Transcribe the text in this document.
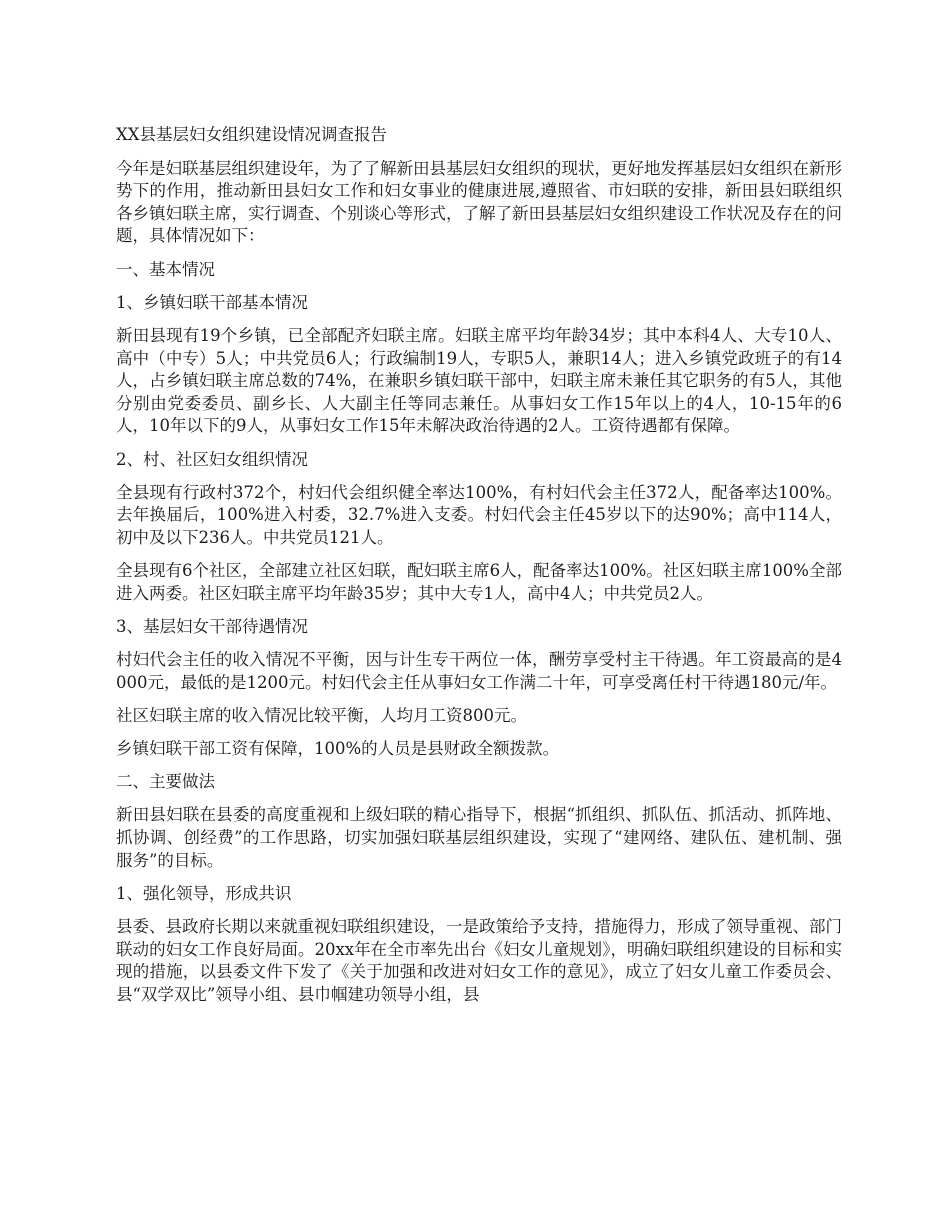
XX县基层妇女组织建设情况调查报告

今年是妇联基层组织建设年，为了了解新田县基层妇女组织的现状，更好地发挥基层妇女组织在新形势下的作用，推动新田县妇女工作和妇女事业的健康进展,遵照省、市妇联的安排，新田县妇联组织各乡镇妇联主席，实行调查、个别谈心等形式，了解了新田县基层妇女组织建设工作状况及存在的问题，具体情况如下：

一、基本情况

1、乡镇妇联干部基本情况

新田县现有19个乡镇，已全部配齐妇联主席。妇联主席平均年龄34岁；其中本科4人、大专10人、高中（中专）5人；中共党员6人；行政编制19人，专职5人，兼职14人；进入乡镇党政班子的有14人，占乡镇妇联主席总数的74%，在兼职乡镇妇联干部中，妇联主席未兼任其它职务的有5人，其他分别由党委委员、副乡长、人大副主任等同志兼任。从事妇女工作15年以上的4人，10-15年的6人，10年以下的9人，从事妇女工作15年未解决政治待遇的2人。工资待遇都有保障。

2、村、社区妇女组织情况

全县现有行政村372个，村妇代会组织健全率达100%，有村妇代会主任372人，配备率达100%。去年换届后，100%进入村委，32.7%进入支委。村妇代会主任45岁以下的达90%；高中114人，初中及以下236人。中共党员121人。

全县现有6个社区，全部建立社区妇联，配妇联主席6人，配备率达100%。社区妇联主席100%全部进入两委。社区妇联主席平均年龄35岁；其中大专1人，高中4人；中共党员2人。

3、基层妇女干部待遇情况

村妇代会主任的收入情况不平衡，因与计生专干两位一体，酬劳享受村主干待遇。年工资最高的是4000元，最低的是1200元。村妇代会主任从事妇女工作满二十年，可享受离任村干待遇180元/年。

社区妇联主席的收入情况比较平衡，人均月工资800元。

乡镇妇联干部工资有保障，100%的人员是县财政全额拨款。

二、主要做法

新田县妇联在县委的高度重视和上级妇联的精心指导下，根据“抓组织、抓队伍、抓活动、抓阵地、抓协调、创经费”的工作思路，切实加强妇联基层组织建设，实现了“建网络、建队伍、建机制、强服务”的目标。

1、强化领导，形成共识

县委、县政府长期以来就重视妇联组织建设，一是政策给予支持，措施得力，形成了领导重视、部门联动的妇女工作良好局面。20xx年在全市率先出台《妇女儿童规划》，明确妇联组织建设的目标和实现的措施，以县委文件下发了《关于加强和改进对妇女工作的意见》，成立了妇女儿童工作委员会、县“双学双比”领导小组、县巾帼建功领导小组，县
